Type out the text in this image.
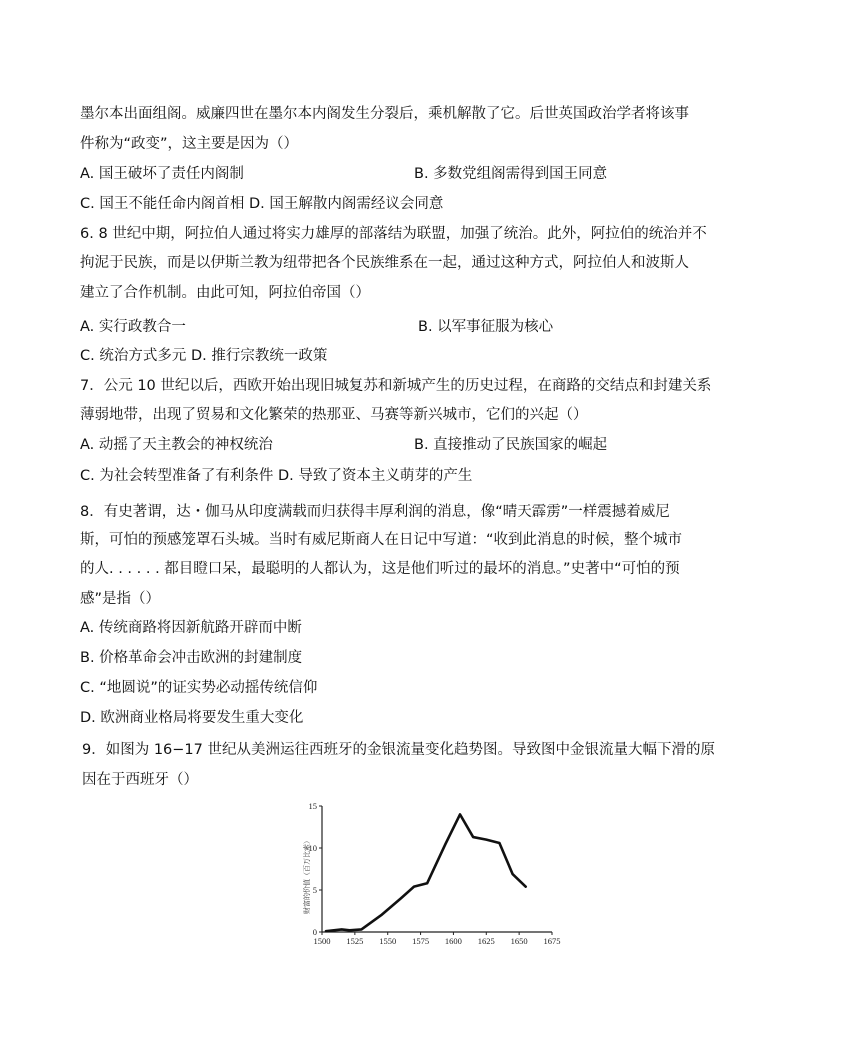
墨尔本出面组阁。威廉四世在墨尔本内阁发生分裂后，乘机解散了它。后世英国政治学者将该事
件称为“政变”，这主要是因为（）
A. 国王破坏了责任内阁制	B. 多数党组阁需得到国王同意
C. 国王不能任命内阁首相 D. 国王解散内阁需经议会同意
6. 8 世纪中期，阿拉伯人通过将实力雄厚的部落结为联盟，加强了统治。此外，阿拉伯的统治并不
拘泥于民族，而是以伊斯兰教为纽带把各个民族维系在一起，通过这种方式，阿拉伯人和波斯人
建立了合作机制。由此可知，阿拉伯帝国（）
A. 实行政教合一	B. 以军事征服为核心
C. 统治方式多元 D. 推行宗教统一政策
7．公元 10 世纪以后，西欧开始出现旧城复苏和新城产生的历史过程，在商路的交结点和封建关系
薄弱地带，出现了贸易和文化繁荣的热那亚、马赛等新兴城市，它们的兴起（）
A. 动摇了天主教会的神权统治	B. 直接推动了民族国家的崛起
C. 为社会转型准备了有利条件 D. 导致了资本主义萌芽的产生
8．有史著谓，达・伽马从印度满载而归获得丰厚利润的消息，像“晴天霹雳”一样震撼着威尼
斯，可怕的预感笼罩石头城。当时有威尼斯商人在日记中写道：“收到此消息的时候，整个城市
的人. . . . . . 都目瞪口呆，最聪明的人都认为，这是他们听过的最坏的消息。”史著中“可怕的预
感”是指（）
A. 传统商路将因新航路开辟而中断
B. 价格革命会冲击欧洲的封建制度
C. “地圆说”的证实势必动摇传统信仰
D. 欧洲商业格局将要发生重大变化
9．如图为 16−17 世纪从美洲运往西班牙的金银流量变化趋势图。导致图中金银流量大幅下滑的原
因在于西班牙（）
财富的价值（百万比索）
1500 1525 1550 1575 1600 1625 1650 1675
0
5
10
15
